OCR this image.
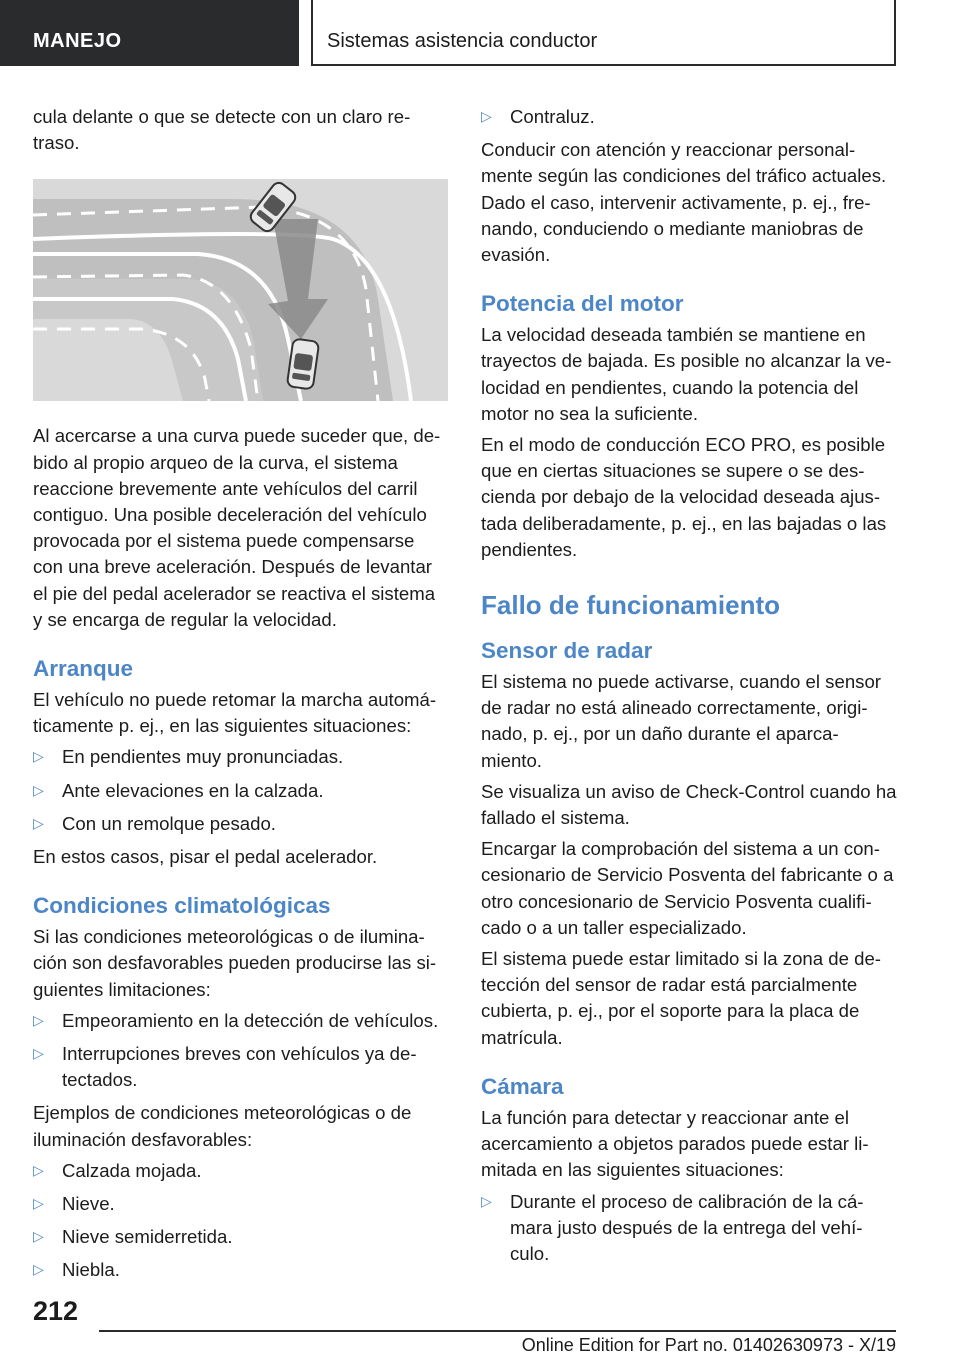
MANEJO	Sistemas asistencia conductor

cula delante o que se detecte con un claro re-traso.

Al acercarse a una curva puede suceder que, de-bido al propio arqueo de la curva, el sistema reaccione brevemente ante vehículos del carril contiguo. Una posible deceleración del vehículo provocada por el sistema puede compensarse con una breve aceleración. Después de levantar el pie del pedal acelerador se reactiva el sistema y se encarga de regular la velocidad.

Arranque

El vehículo no puede retomar la marcha automá-ticamente p. ej., en las siguientes situaciones:

▷ En pendientes muy pronunciadas.
▷ Ante elevaciones en la calzada.
▷ Con un remolque pesado.

En estos casos, pisar el pedal acelerador.

Condiciones climatológicas

Si las condiciones meteorológicas o de ilumina-ción son desfavorables pueden producirse las si-guientes limitaciones:

▷ Empeoramiento en la detección de vehículos.
▷ Interrupciones breves con vehículos ya de-tectados.

Ejemplos de condiciones meteorológicas o de iluminación desfavorables:

▷ Calzada mojada.
▷ Nieve.
▷ Nieve semiderretida.
▷ Niebla.
▷ Contraluz.

Conducir con atención y reaccionar personal-mente según las condiciones del tráfico actuales. Dado el caso, intervenir activamente, p. ej., fre-nando, conduciendo o mediante maniobras de evasión.

Potencia del motor

La velocidad deseada también se mantiene en trayectos de bajada. Es posible no alcanzar la ve-locidad en pendientes, cuando la potencia del motor no sea la suficiente.

En el modo de conducción ECO PRO, es posible que en ciertas situaciones se supere o se des-cienda por debajo de la velocidad deseada ajus-tada deliberadamente, p. ej., en las bajadas o las pendientes.

Fallo de funcionamiento
Sensor de radar

El sistema no puede activarse, cuando el sensor de radar no está alineado correctamente, origi-nado, p. ej., por un daño durante el aparca-miento.

Se visualiza un aviso de Check-Control cuando ha fallado el sistema.

Encargar la comprobación del sistema a un con-cesionario de Servicio Posventa del fabricante o a otro concesionario de Servicio Posventa cualifi-cado o a un taller especializado.

El sistema puede estar limitado si la zona de de-tección del sensor de radar está parcialmente cubierta, p. ej., por el soporte para la placa de matrícula.

Cámara

La función para detectar y reaccionar ante el acercamiento a objetos parados puede estar li-mitada en las siguientes situaciones:

▷ Durante el proceso de calibración de la cá-mara justo después de la entrega del vehí-culo.
212
Online Edition for Part no. 01402630973 - X/19
